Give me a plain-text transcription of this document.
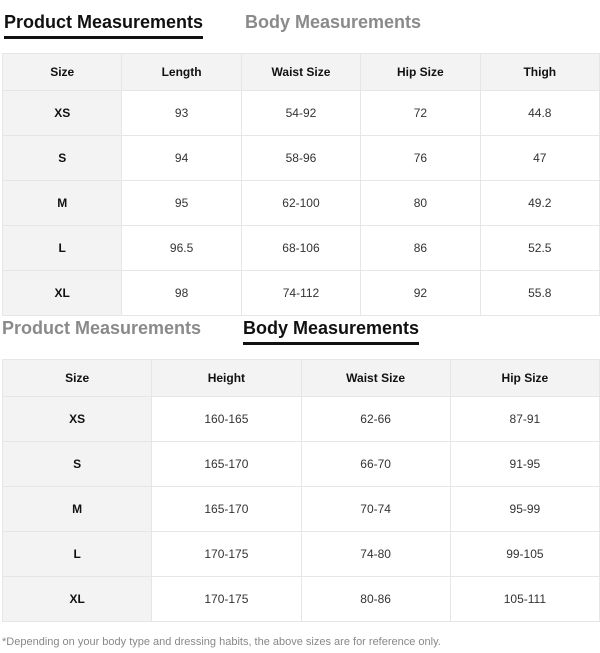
Product Measurements Body Measurements
Size	Length	Waist Size	Hip Size	Thigh
XS	93	54-92	72	44.8
S	94	58-96	76	47
M	95	62-100	80	49.2
L	96.5	68-106	86	52.5
XL	98	74-112	92	55.8
Product Measurements Body Measurements
Size	Height	Waist Size	Hip Size
XS	160-165	62-66	87-91
S	165-170	66-70	91-95
M	165-170	70-74	95-99
L	170-175	74-80	99-105
XL	170-175	80-86	105-111
*Depending on your body type and dressing habits, the above sizes are for reference only.
